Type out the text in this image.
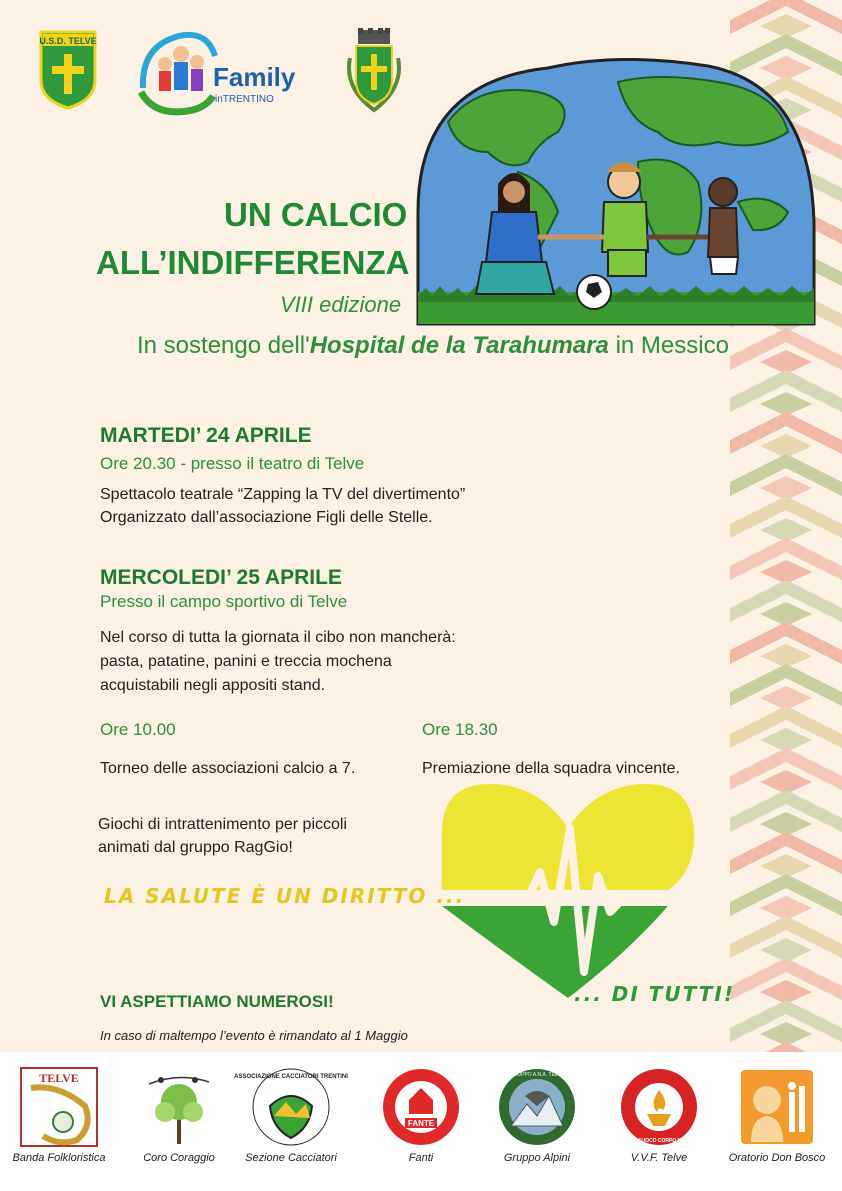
U.S.D. TELVE
Family
inTRENTINO
UN CALCIO
ALL’INDIFFERENZA
VIII edizione
In sostengo dell'Hospital de la Tarahumara in Messico
MARTEDI’ 24 APRILE
Ore 20.30 - presso il teatro di Telve
Spettacolo teatrale “Zapping la TV del divertimento”
Organizzato dall’associazione Figli delle Stelle.
MERCOLEDI’ 25 APRILE
Presso il campo sportivo di Telve
Nel corso di tutta la giornata il cibo non mancherà:
pasta, patatine, panini e treccia mochena
acquistabili negli appositi stand.
Ore 10.00
Torneo delle associazioni calcio a 7.
Ore 18.30
Premiazione della squadra vincente.
Giochi di intrattenimento per piccoli
animati dal gruppo RagGio!
LA SALUTE È UN DIRITTO ...
... DI TUTTI!
VI ASPETTIAMO NUMEROSI!
In caso di maltempo l’evento è rimandato al 1 Maggio
TELVE
Banda Folkloristica	Coro Coraggio
ASSOCIAZIONE CACCIATORI TRENTINI
Sezione Cacciatori
FANTE
Fanti
GRUPPO A.N.A. TELVE
Gruppo Alpini
VIGILI DEL FUOCO CORPO NAZIONALE
V.V.F. Telve	Oratorio Don Bosco
